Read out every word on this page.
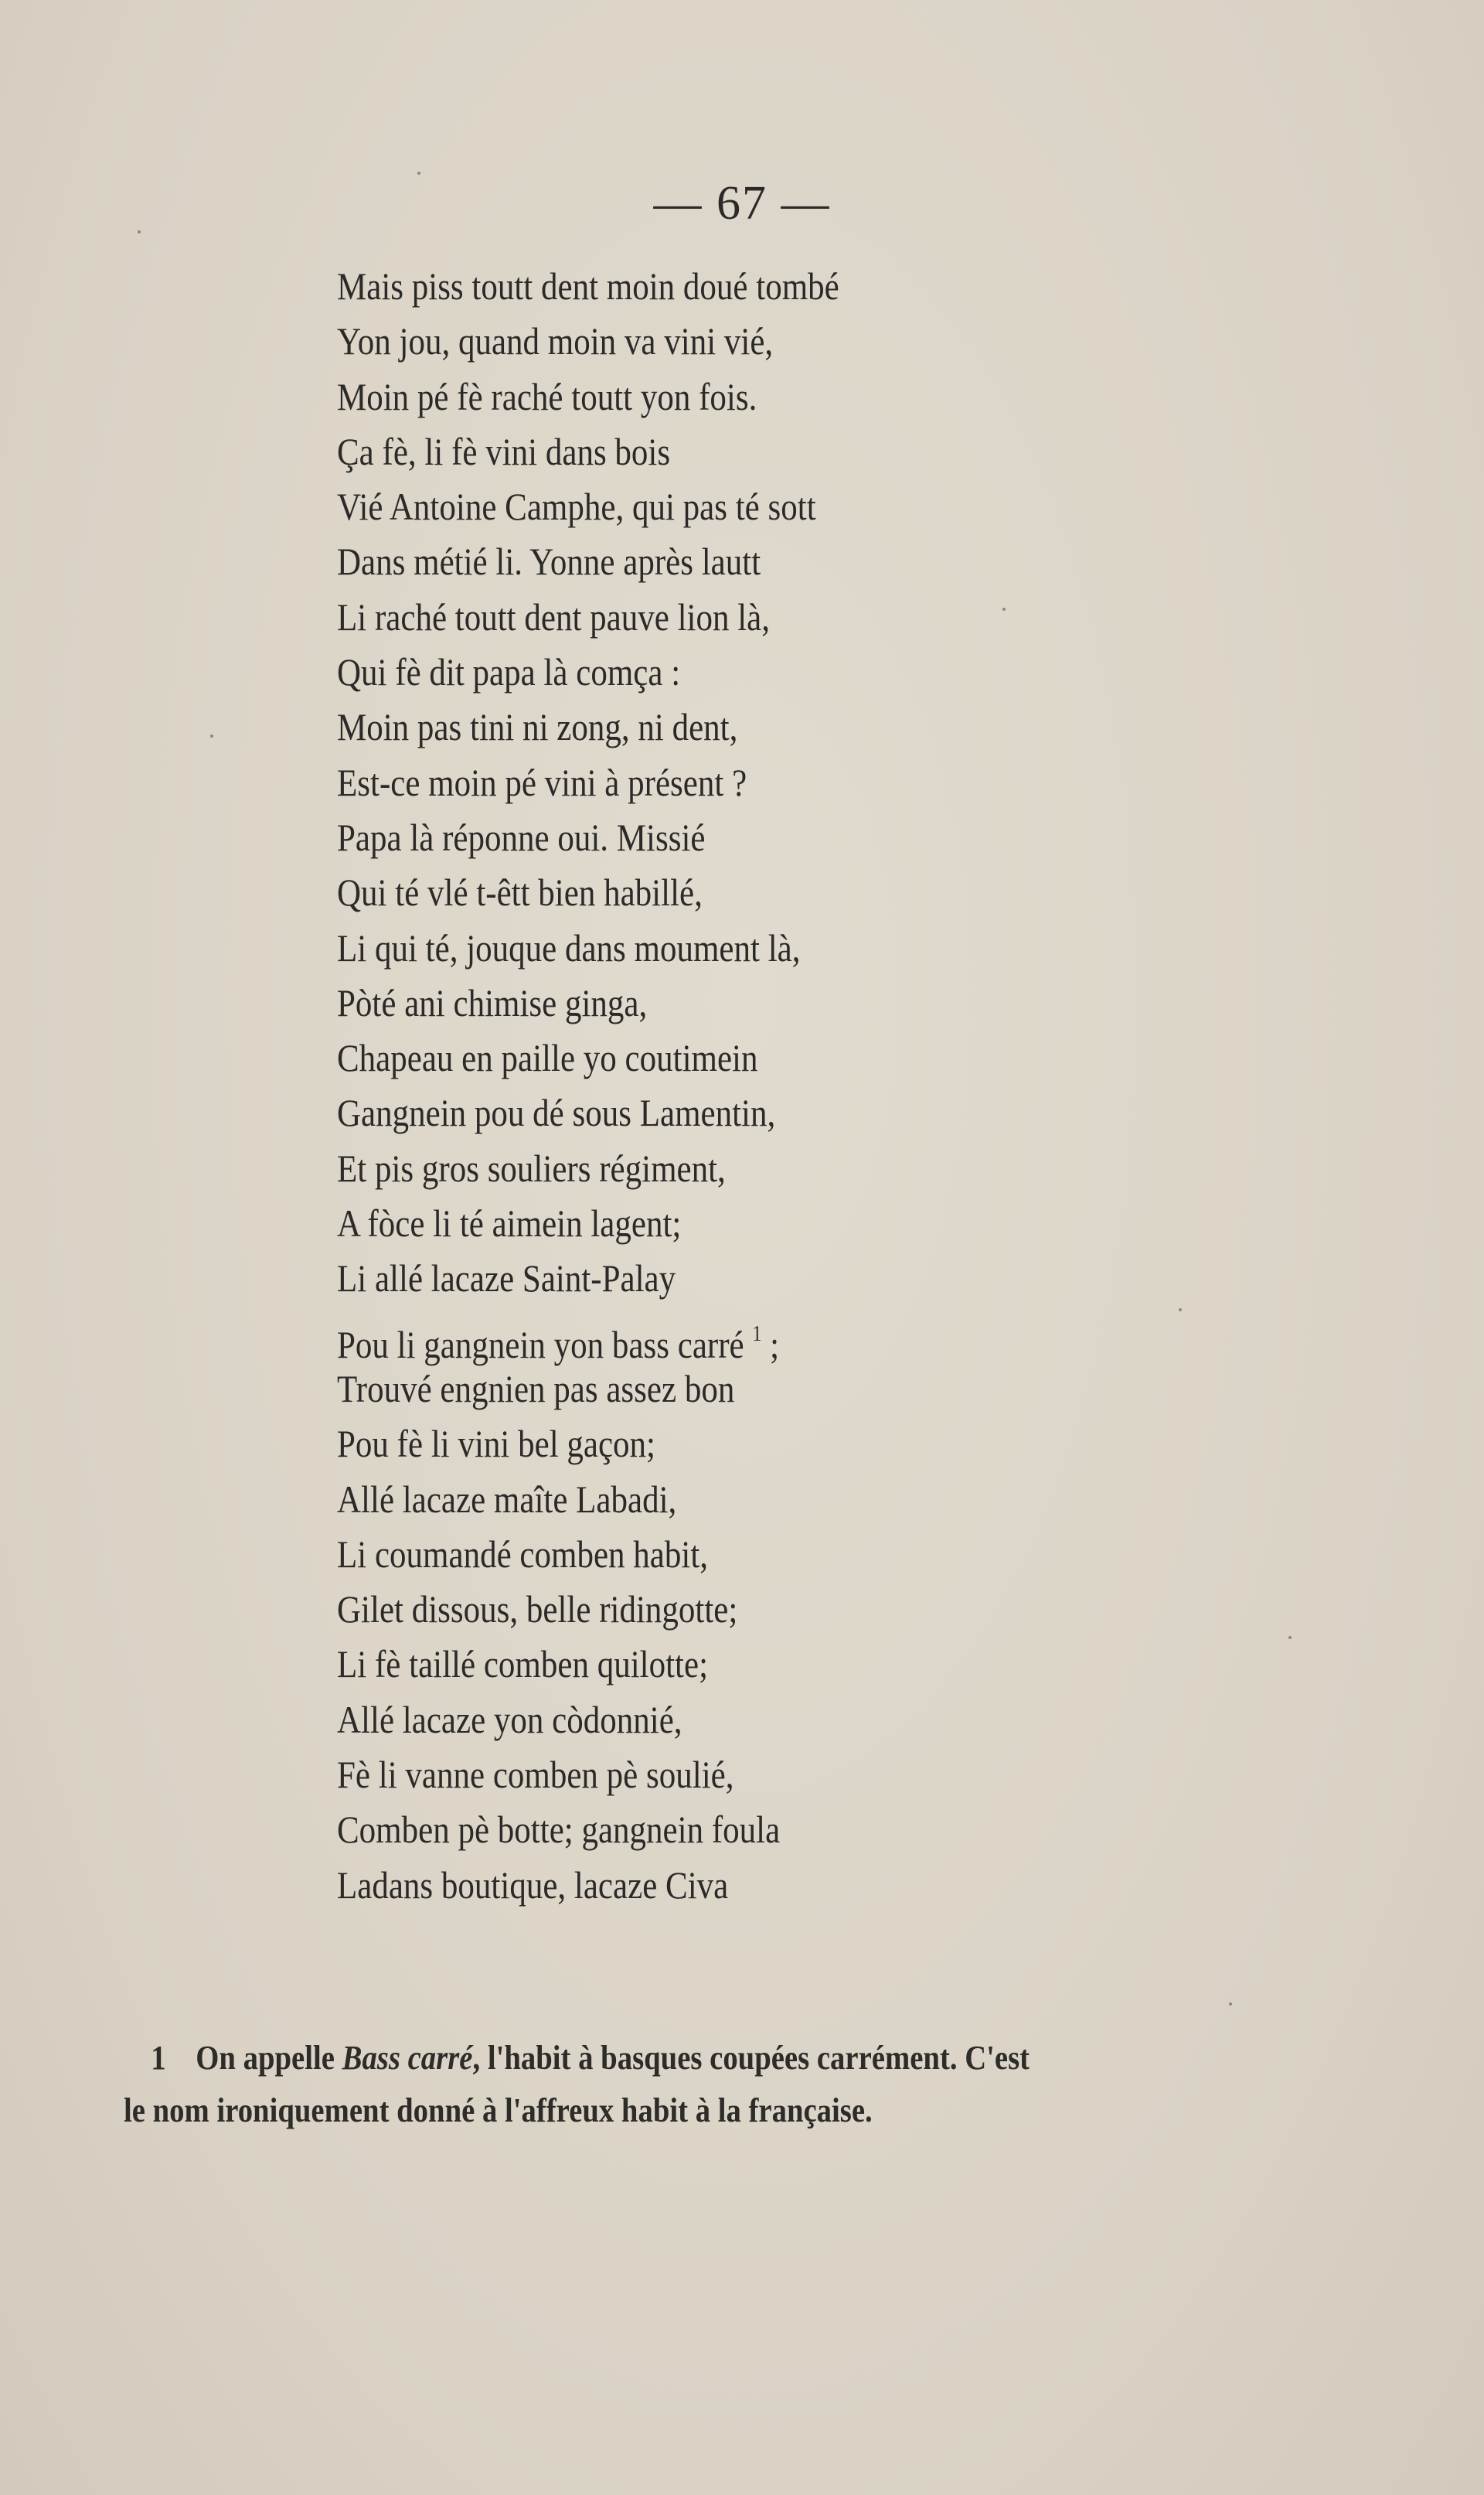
— 67 —
Mais piss toutt dent moin doué tombé
Yon jou, quand moin va vini vié,
Moin pé fè raché toutt yon fois.
Ça fè, li fè vini dans bois
Vié Antoine Camphe, qui pas té sott
Dans métié li. Yonne après lautt
Li raché toutt dent pauve lion là,
Qui fè dit papa là comça :
Moin pas tini ni zong, ni dent,
Est-ce moin pé vini à présent ?
Papa là réponne oui. Missié
Qui té vlé t-êtt bien habillé,
Li qui té, jouque dans moument là,
Pòté ani chimise ginga,
Chapeau en paille yo coutimein
Gangnein pou dé sous Lamentin,
Et pis gros souliers régiment,
A fòce li té aimein lagent;
Li allé lacaze Saint-Palay
Pou li gangnein yon bass carré $^1$ ;
Trouvé engnien pas assez bon
Pou fè li vini bel gaçon;
Allé lacaze maîte Labadi,
Li coumandé comben habit,
Gilet dissous, belle ridingotte;
Li fè taillé comben quilotte;
Allé lacaze yon còdonnié,
Fè li vanne comben pè soulié,
Comben pè botte; gangnein foula
Ladans boutique, lacaze Civa
1 On appelle Bass carré, l'habit à basques coupées carrément. C'est
le nom ironiquement donné à l'affreux habit à la française.
